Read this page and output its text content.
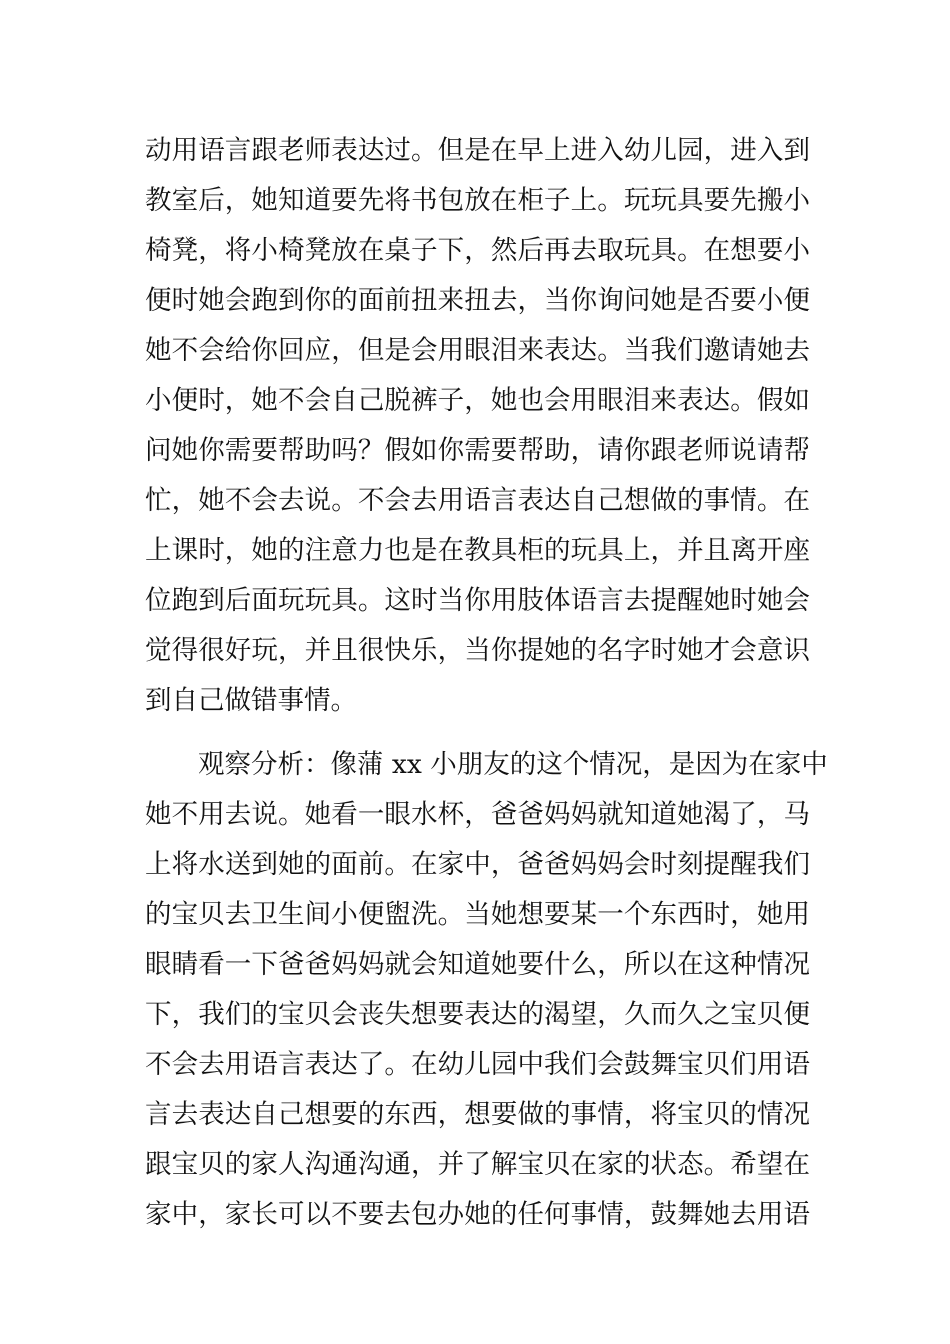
动用语言跟老师表达过。但是在早上进入幼儿园，进入到
教室后，她知道要先将书包放在柜子上。玩玩具要先搬小
椅凳，将小椅凳放在桌子下，然后再去取玩具。在想要小
便时她会跑到你的面前扭来扭去，当你询问她是否要小便
她不会给你回应，但是会用眼泪来表达。当我们邀请她去
小便时，她不会自己脱裤子，她也会用眼泪来表达。假如
问她你需要帮助吗？假如你需要帮助，请你跟老师说请帮
忙，她不会去说。不会去用语言表达自己想做的事情。在
上课时，她的注意力也是在教具柜的玩具上，并且离开座
位跑到后面玩玩具。这时当你用肢体语言去提醒她时她会
觉得很好玩，并且很快乐，当你提她的名字时她才会意识
到自己做错事情。
观察分析：像蒲 xx 小朋友的这个情况，是因为在家中
她不用去说。她看一眼水杯，爸爸妈妈就知道她渴了，马
上将水送到她的面前。在家中，爸爸妈妈会时刻提醒我们
的宝贝去卫生间小便盥洗。当她想要某一个东西时，她用
眼睛看一下爸爸妈妈就会知道她要什么，所以在这种情况
下，我们的宝贝会丧失想要表达的渴望，久而久之宝贝便
不会去用语言表达了。在幼儿园中我们会鼓舞宝贝们用语
言去表达自己想要的东西，想要做的事情，将宝贝的情况
跟宝贝的家人沟通沟通，并了解宝贝在家的状态。希望在
家中，家长可以不要去包办她的任何事情，鼓舞她去用语
